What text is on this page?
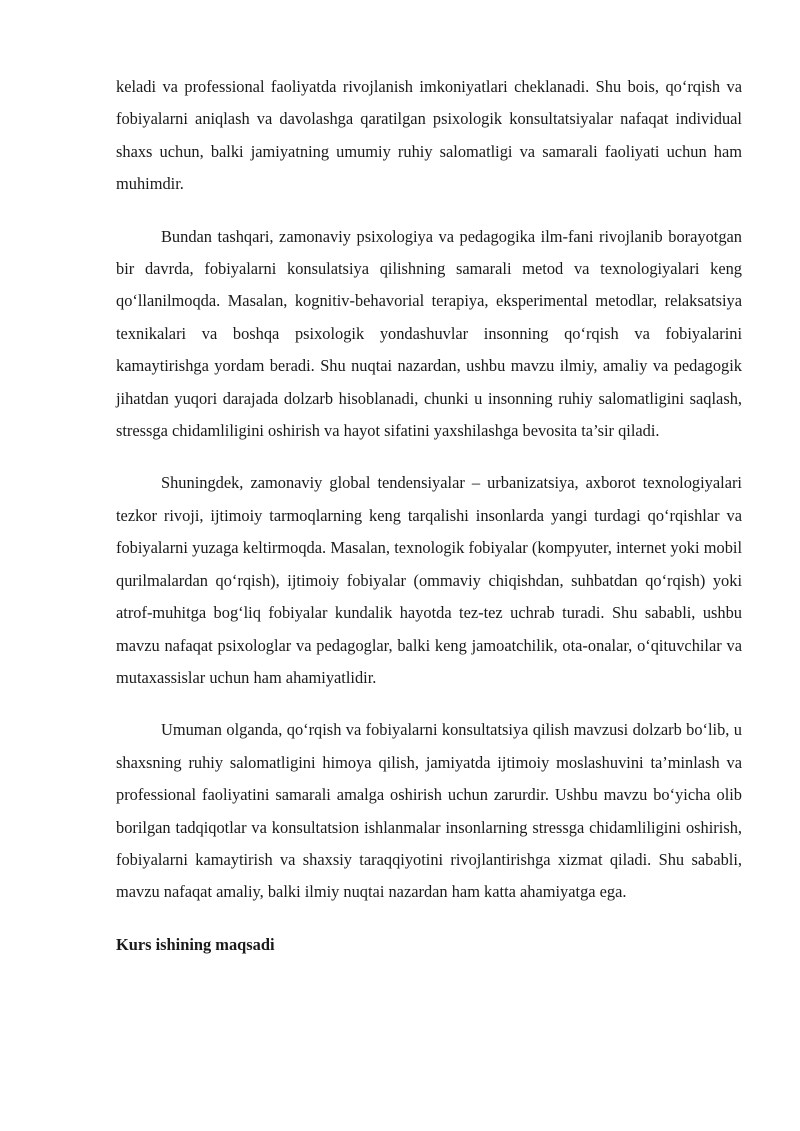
keladi va professional faoliyatda rivojlanish imkoniyatlari cheklanadi. Shu bois, qo‘rqish va fobiyalarni aniqlash va davolashga qaratilgan psixologik konsultatsiyalar nafaqat individual shaxs uchun, balki jamiyatning umumiy ruhiy salomatligi va samarali faoliyati uchun ham muhimdir.

Bundan tashqari, zamonaviy psixologiya va pedagogika ilm-fani rivojlanib borayotgan bir davrda, fobiyalarni konsulatsiya qilishning samarali metod va texnologiyalari keng qo‘llanilmoqda. Masalan, kognitiv-behavorial terapiya, eksperimental metodlar, relaksatsiya texnikalari va boshqa psixologik yondashuvlar insonning qo‘rqish va fobiyalarini kamaytirishga yordam beradi. Shu nuqtai nazardan, ushbu mavzu ilmiy, amaliy va pedagogik jihatdan yuqori darajada dolzarb hisoblanadi, chunki u insonning ruhiy salomatligini saqlash, stressga chidamliligini oshirish va hayot sifatini yaxshilashga bevosita ta’sir qiladi.

Shuningdek, zamonaviy global tendensiyalar – urbanizatsiya, axborot texnologiyalari tezkor rivoji, ijtimoiy tarmoqlarning keng tarqalishi insonlarda yangi turdagi qo‘rqishlar va fobiyalarni yuzaga keltirmoqda. Masalan, texnologik fobiyalar (kompyuter, internet yoki mobil qurilmalardan qo‘rqish), ijtimoiy fobiyalar (ommaviy chiqishdan, suhbatdan qo‘rqish) yoki atrof-muhitga bog‘liq fobiyalar kundalik hayotda tez-tez uchrab turadi. Shu sababli, ushbu mavzu nafaqat psixologlar va pedagoglar, balki keng jamoatchilik, ota-onalar, o‘qituvchilar va mutaxassislar uchun ham ahamiyatlidir.

Umuman olganda, qo‘rqish va fobiyalarni konsultatsiya qilish mavzusi dolzarb bo‘lib, u shaxsning ruhiy salomatligini himoya qilish, jamiyatda ijtimoiy moslashuvini ta’minlash va professional faoliyatini samarali amalga oshirish uchun zarurdir. Ushbu mavzu bo‘yicha olib borilgan tadqiqotlar va konsultatsion ishlanmalar insonlarning stressga chidamliligini oshirish, fobiyalarni kamaytirish va shaxsiy taraqqiyotini rivojlantirishga xizmat qiladi. Shu sababli, mavzu nafaqat amaliy, balki ilmiy nuqtai nazardan ham katta ahamiyatga ega.

Kurs ishining maqsadi
